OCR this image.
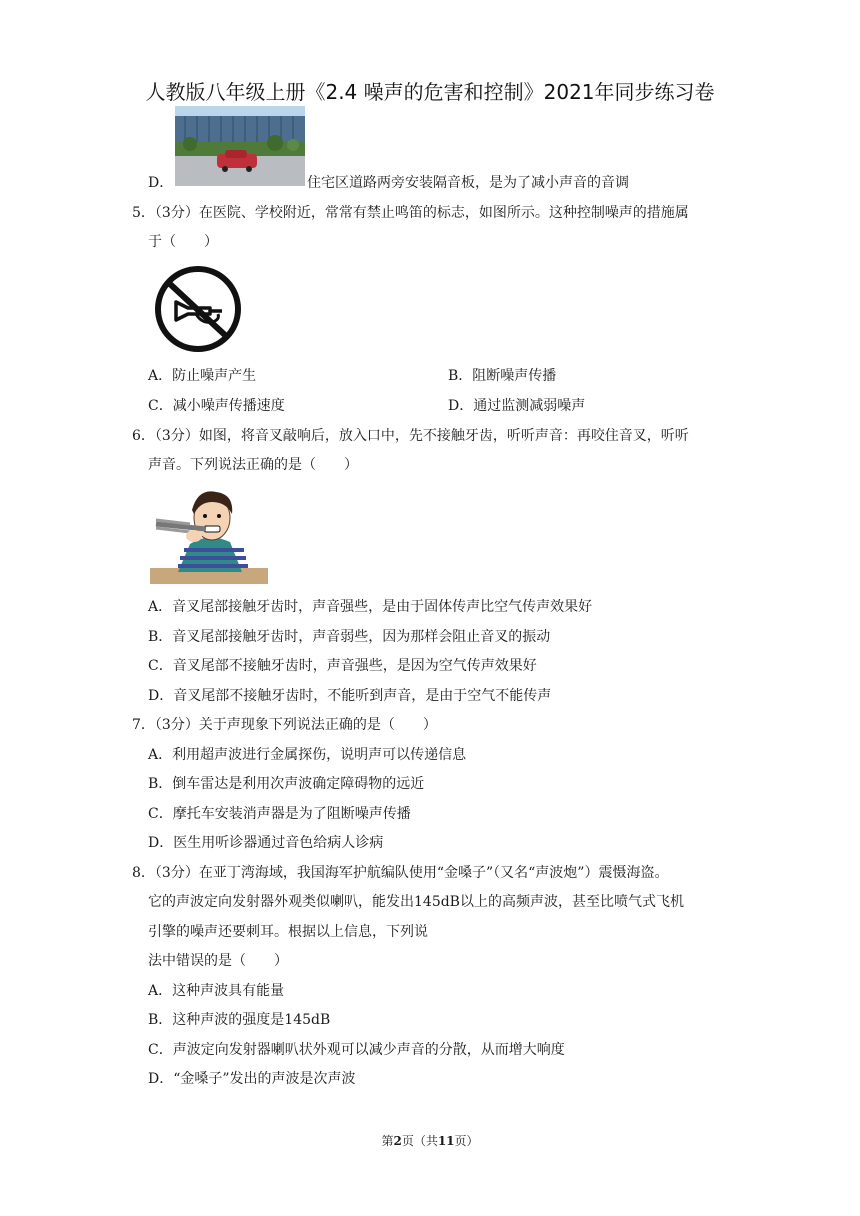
人教版八年级上册《2.4 噪声的危害和控制》2021年同步练习卷
D．	住宅区道路两旁安装隔音板，是为了减小声音的音调
5．（3分）在医院、学校附近，常常有禁止鸣笛的标志，如图所示。这种控制噪声的措施属
于（　　）
A．防止噪声产生	B．阻断噪声传播
C．减小噪声传播速度	D．通过监测减弱噪声
6．（3分）如图，将音叉敲响后，放入口中，先不接触牙齿，听听声音：再咬住音叉，听听
声音。下列说法正确的是（　　）
A．音叉尾部接触牙齿时，声音强些，是由于固体传声比空气传声效果好
B．音叉尾部接触牙齿时，声音弱些，因为那样会阻止音叉的振动
C．音叉尾部不接触牙齿时，声音强些，是因为空气传声效果好
D．音叉尾部不接触牙齿时，不能听到声音，是由于空气不能传声
7．（3分）关于声现象下列说法正确的是（　　）
A．利用超声波进行金属探伤，说明声可以传递信息
B．倒车雷达是利用次声波确定障碍物的远近
C．摩托车安装消声器是为了阻断噪声传播
D．医生用听诊器通过音色给病人诊病
8．（3分）在亚丁湾海域，我国海军护航编队使用“金嗓子”（又名“声波炮”）震慑海盗。
它的声波定向发射器外观类似喇叭，能发出145dB以上的高频声波，甚至比喷气式飞机
引擎的噪声还要刺耳。根据以上信息，下列说
法中错误的是（　　）
A．这种声波具有能量
B．这种声波的强度是145dB
C．声波定向发射器喇叭状外观可以减少声音的分散，从而增大响度
D．“金嗓子”发出的声波是次声波
第2页（共11页）
